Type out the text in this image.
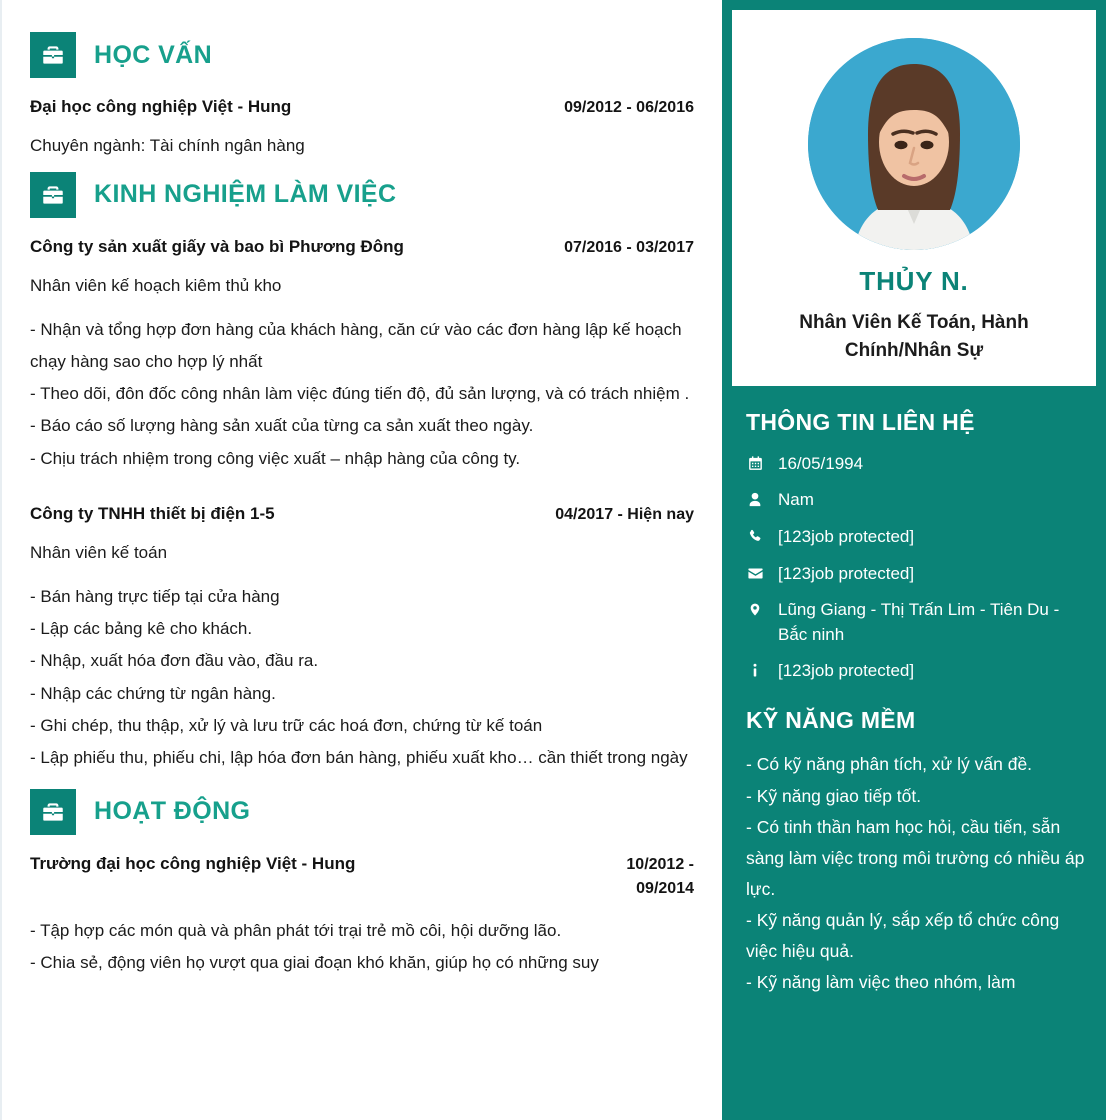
HỌC VẤN
Đại học công nghiệp Việt - Hung	09/2012 - 06/2016
Chuyên ngành: Tài chính ngân hàng
KINH NGHIỆM LÀM VIỆC
Công ty sản xuất giấy và bao bì Phương Đông	07/2016 - 03/2017
Nhân viên kế hoạch kiêm thủ kho
- Nhận và tổng hợp đơn hàng của khách hàng, căn cứ vào các đơn hàng lập kế hoạch chạy hàng sao cho hợp lý nhất
- Theo dõi, đôn đốc công nhân làm việc đúng tiến độ, đủ sản lượng, và có trách nhiệm .
- Báo cáo số lượng hàng sản xuất của từng ca sản xuất theo ngày.
- Chịu trách nhiệm trong công việc xuất – nhập hàng của công ty.
Công ty TNHH thiết bị điện 1-5	04/2017 - Hiện nay
Nhân viên kế toán
- Bán hàng trực tiếp tại cửa hàng
- Lập các bảng kê cho khách.
- Nhập, xuất hóa đơn đầu vào, đầu ra.
- Nhập các chứng từ ngân hàng.
- Ghi chép, thu thập, xử lý và lưu trữ các hoá đơn, chứng từ kế toán
- Lập phiếu thu, phiếu chi, lập hóa đơn bán hàng, phiếu xuất kho… cần thiết trong ngày
HOẠT ĐỘNG
Trường đại học công nghiệp Việt - Hung	10/2012 - 09/2014
- Tập hợp các món quà và phân phát tới trại trẻ mồ côi, hội dưỡng lão.
- Chia sẻ, động viên họ vượt qua giai đoạn khó khăn, giúp họ có những suy
THỦY N.
Nhân Viên Kế Toán, Hành Chính/Nhân Sự
THÔNG TIN LIÊN HỆ
16/05/1994
Nam
[123job protected]
[123job protected]
Lũng Giang - Thị Trấn Lim - Tiên Du - Bắc ninh
[123job protected]
KỸ NĂNG MỀM
- Có kỹ năng phân tích, xử lý vấn đề.
- Kỹ năng giao tiếp tốt.
- Có tinh thần ham học hỏi, cầu tiến, sẵn sàng làm việc trong môi trường có nhiều áp lực.
- Kỹ năng quản lý, sắp xếp tổ chức công việc hiệu quả.
- Kỹ năng làm việc theo nhóm, làm
